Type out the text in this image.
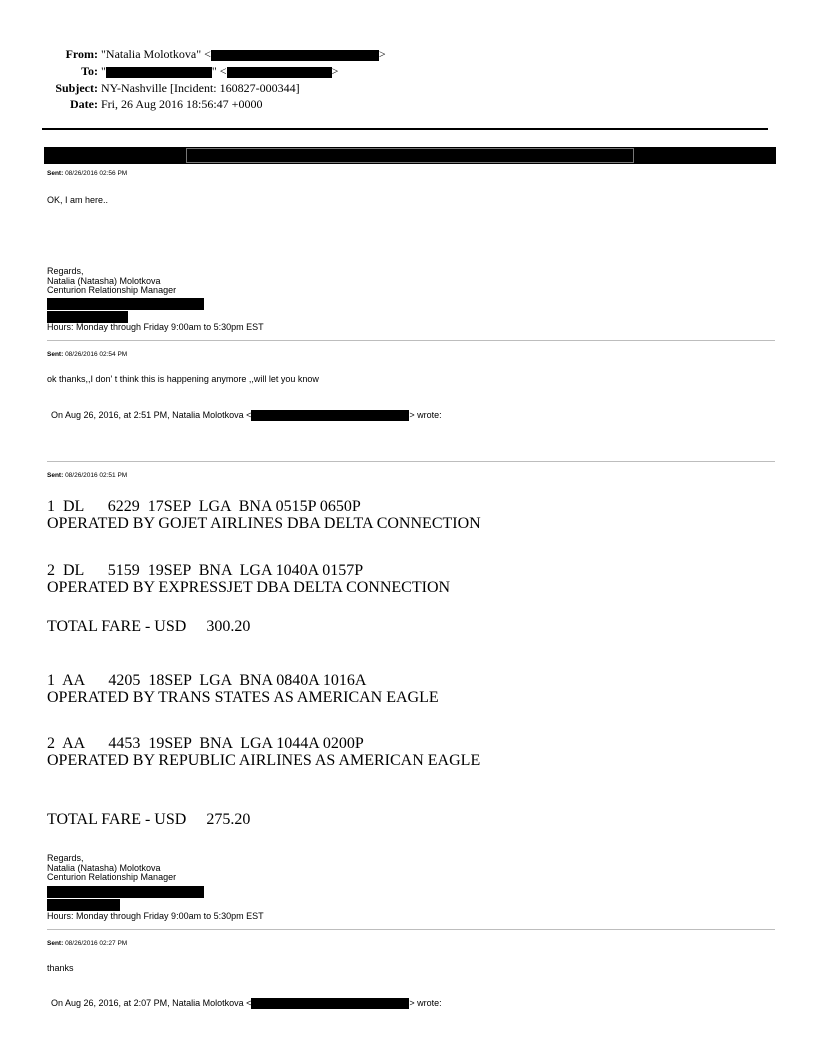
From: "Natalia Molotkova" <	>
To: "	" <	>
Subject: NY-Nashville [Incident: 160827-000344]
Date: Fri, 26 Aug 2016 18:56:47 +0000
Sent: 08/26/2016 02:56 PM
OK, I am here..
Regards,
Natalia (Natasha) Molotkova
Centurion Relationship Manager
Hours: Monday through Friday 9:00am to 5:30pm EST
Sent: 08/26/2016 02:54 PM
ok thanks,,I don' t think this is happening anymore ,,will let you know
On Aug 26, 2016, at 2:51 PM, Natalia Molotkova <	> wrote:
Sent: 08/26/2016 02:51 PM
1  DL      6229  17SEP  LGA  BNA 0515P 0650P
OPERATED BY GOJET AIRLINES DBA DELTA CONNECTION
2  DL      5159  19SEP  BNA  LGA 1040A 0157P
OPERATED BY EXPRESSJET DBA DELTA CONNECTION
TOTAL FARE - USD     300.20
1  AA      4205  18SEP  LGA  BNA 0840A 1016A
OPERATED BY TRANS STATES AS AMERICAN EAGLE
2  AA      4453  19SEP  BNA  LGA 1044A 0200P
OPERATED BY REPUBLIC AIRLINES AS AMERICAN EAGLE
TOTAL FARE - USD     275.20
Regards,
Natalia (Natasha) Molotkova
Centurion Relationship Manager
Hours: Monday through Friday 9:00am to 5:30pm EST
Sent: 08/26/2016 02:27 PM
thanks
On Aug 26, 2016, at 2:07 PM, Natalia Molotkova <	> wrote:
